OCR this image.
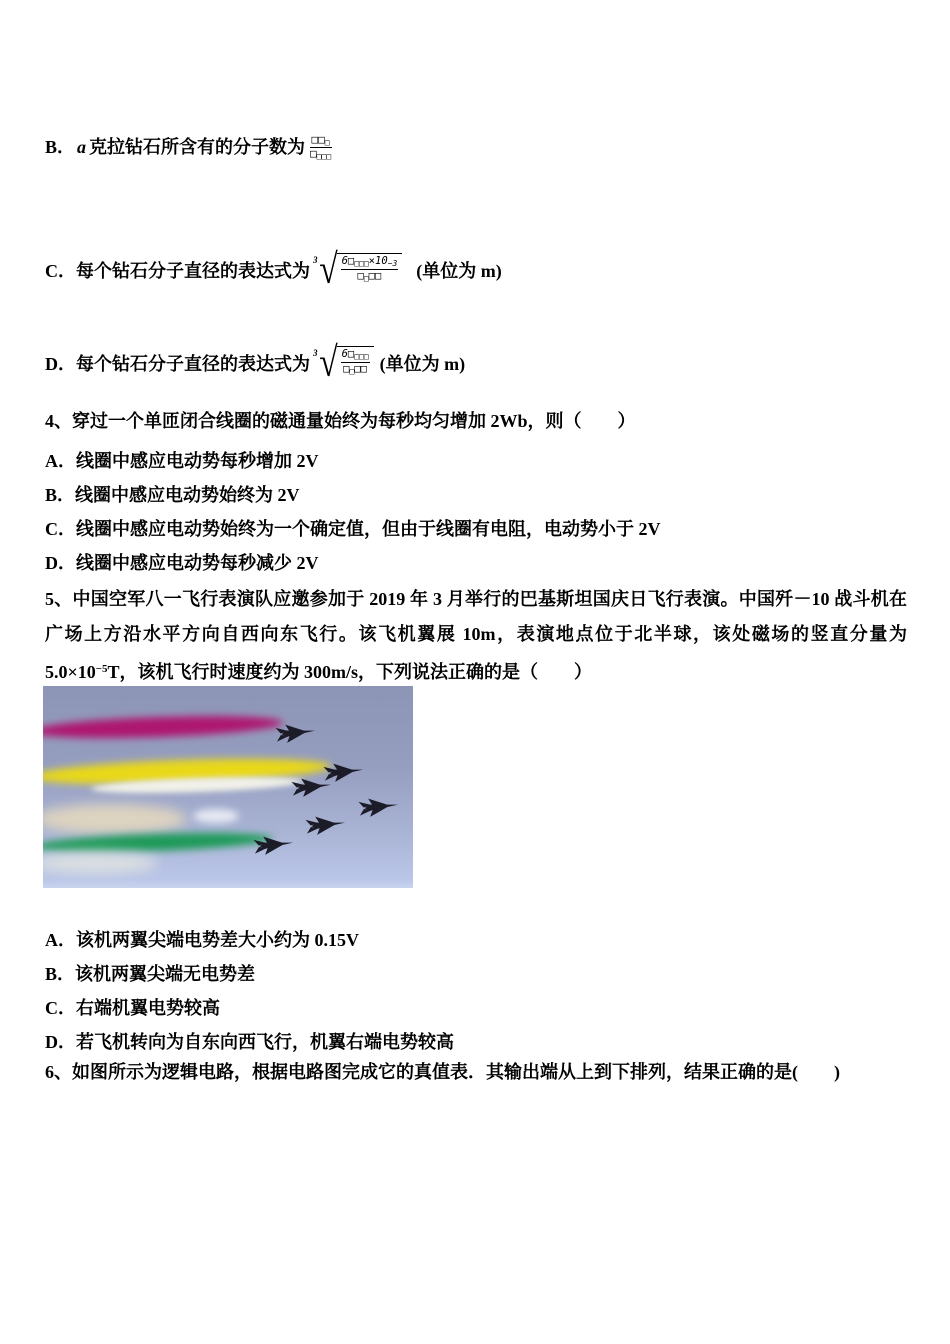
B． a 克拉钻石所含有的分子数为 $□□_□$
$□_{□□□}$
C．每个钻石分子直径的表达式为
3 √ $6□_{□□□}\times 10^{-3}$
$□_□□□$ (单位为 m)
D．每个钻石分子直径的表达式为
3 √ $6□_{□□□}$
$□_□□□$ (单位为 m)
4、穿过一个单匝闭合线圈的磁通量始终为每秒均匀增加 2Wb，则（　　）
A．线圈中感应电动势每秒增加 2V
B．线圈中感应电动势始终为 2V
C．线圈中感应电动势始终为一个确定值，但由于线圈有电阻，电动势小于 2V
D．线圈中感应电动势每秒减少 2V
5、中国空军八一飞行表演队应邀参加于 2019 年 3 月举行的巴基斯坦国庆日飞行表演。中国歼－10 战斗机在广场上方沿水平方向自西向东飞行。该飞机翼展 10m，表演地点位于北半球，该处磁场的竖直分量为 $5.0\times 10^{-5}T$，该机飞行时速度约为 300m/s，下列说法正确的是（　　）
A．该机两翼尖端电势差大小约为 0.15V
B．该机两翼尖端无电势差
C．右端机翼电势较高
D．若飞机转向为自东向西飞行，机翼右端电势较高
6、如图所示为逻辑电路，根据电路图完成它的真值表．其输出端从上到下排列，结果正确的是(　　)
